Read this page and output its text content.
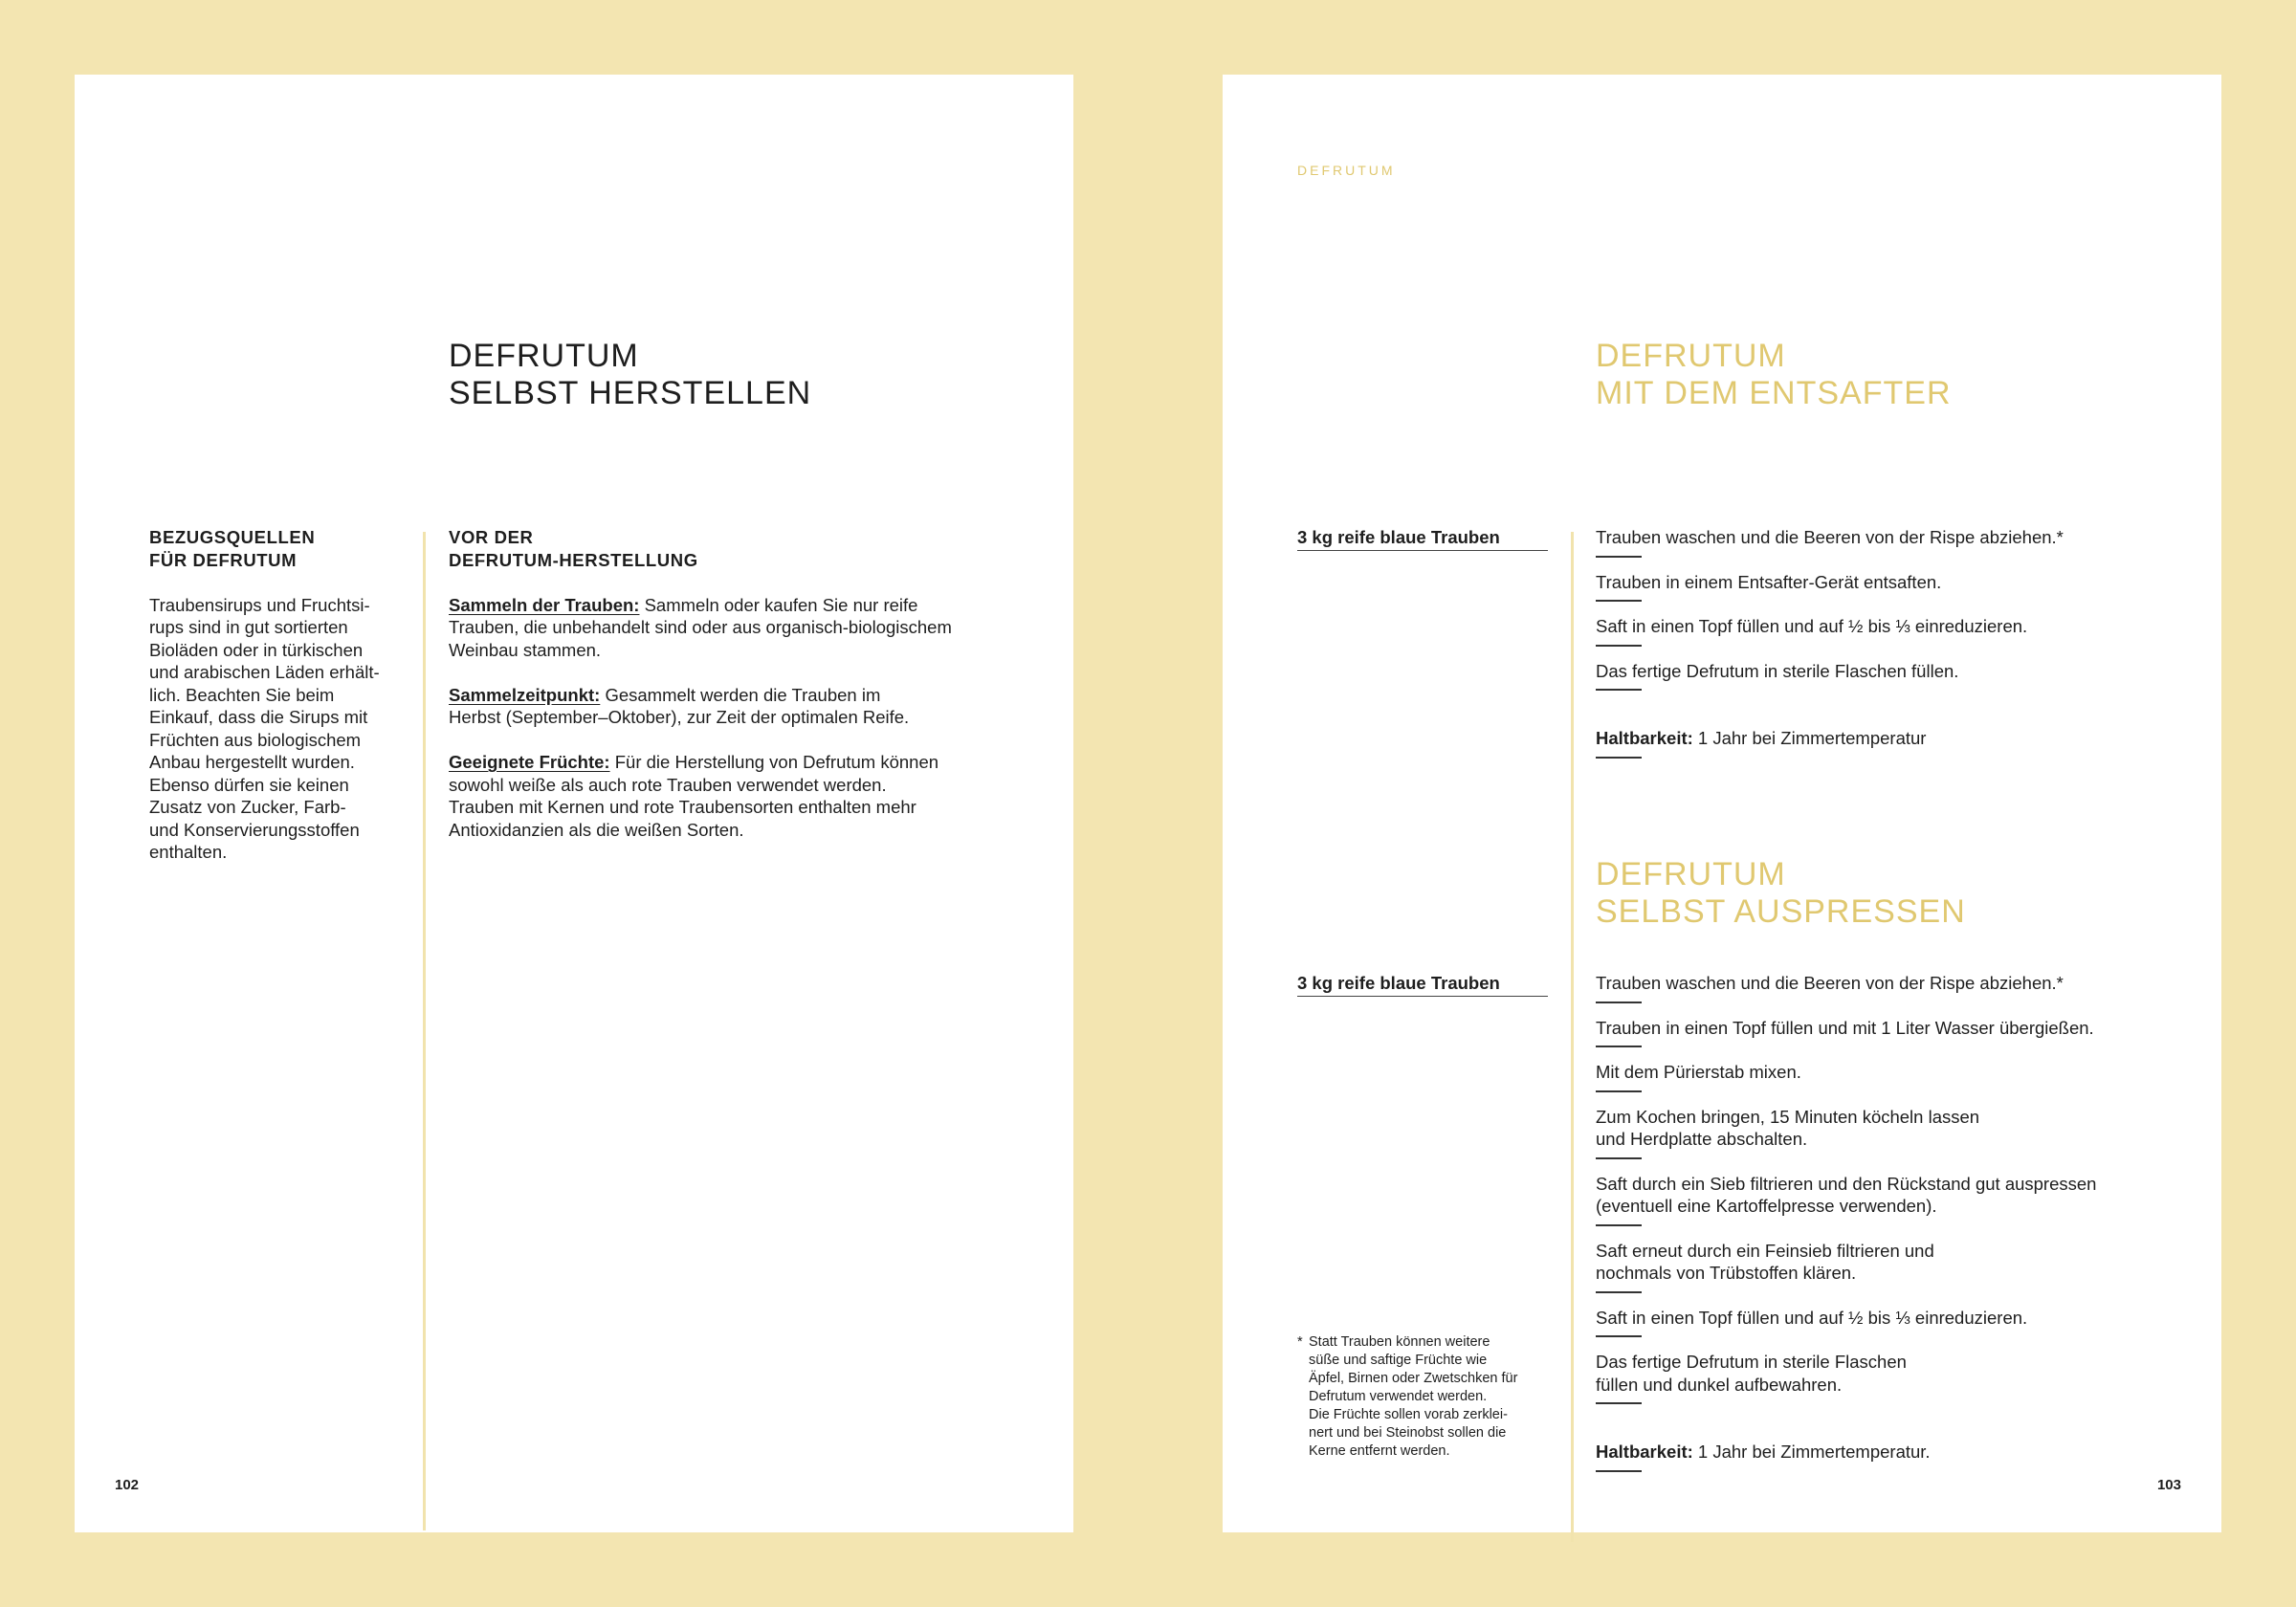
DEFRUTUM
SELBST HERSTELLEN
BEZUGSQUELLEN
FÜR DEFRUTUM
Traubensirups und Fruchtsi-
rups sind in gut sortierten
Bioläden oder in türkischen
und arabischen Läden erhält-
lich. Beachten Sie beim
Einkauf, dass die Sirups mit
Früchten aus biologischem
Anbau hergestellt wurden.
Ebenso dürfen sie keinen
Zusatz von Zucker, Farb-
und Konservierungsstoffen
enthalten.
VOR DER
DEFRUTUM-HERSTELLUNG
Sammeln der Trauben: Sammeln oder kaufen Sie nur reife
Trauben, die unbehandelt sind oder aus organisch-biologischem
Weinbau stammen.
Sammelzeitpunkt: Gesammelt werden die Trauben im
Herbst (September–Oktober), zur Zeit der optimalen Reife.
Geeignete Früchte: Für die Herstellung von Defrutum können
sowohl weiße als auch rote Trauben verwendet werden.
Trauben mit Kernen und rote Traubensorten enthalten mehr
Antioxidanzien als die weißen Sorten.
102
DEFRUTUM
DEFRUTUM
MIT DEM ENTSAFTER
3 kg reife blaue Trauben	Trauben waschen und die Beeren von der Rispe abziehen.*
Trauben in einem Entsafter-Gerät entsaften.
Saft in einen Topf füllen und auf ½ bis ⅓ einreduzieren.
Das fertige Defrutum in sterile Flaschen füllen.
Haltbarkeit: 1 Jahr bei Zimmertemperatur
DEFRUTUM
SELBST AUSPRESSEN
3 kg reife blaue Trauben	Trauben waschen und die Beeren von der Rispe abziehen.*
Trauben in einen Topf füllen und mit 1 Liter Wasser übergießen.
Mit dem Pürierstab mixen.
Zum Kochen bringen, 15 Minuten köcheln lassen
und Herdplatte abschalten.
Saft durch ein Sieb filtrieren und den Rückstand gut auspressen
(eventuell eine Kartoffelpresse verwenden).
Saft erneut durch ein Feinsieb filtrieren und
nochmals von Trübstoffen klären.
Saft in einen Topf füllen und auf ½ bis ⅓ einreduzieren.
Das fertige Defrutum in sterile Flaschen
füllen und dunkel aufbewahren.
Haltbarkeit: 1 Jahr bei Zimmertemperatur.
* Statt Trauben können weitere
süße und saftige Früchte wie
Äpfel, Birnen oder Zwetschken für
Defrutum verwendet werden.
Die Früchte sollen vorab zerklei-
nert und bei Steinobst sollen die
Kerne entfernt werden.
103
